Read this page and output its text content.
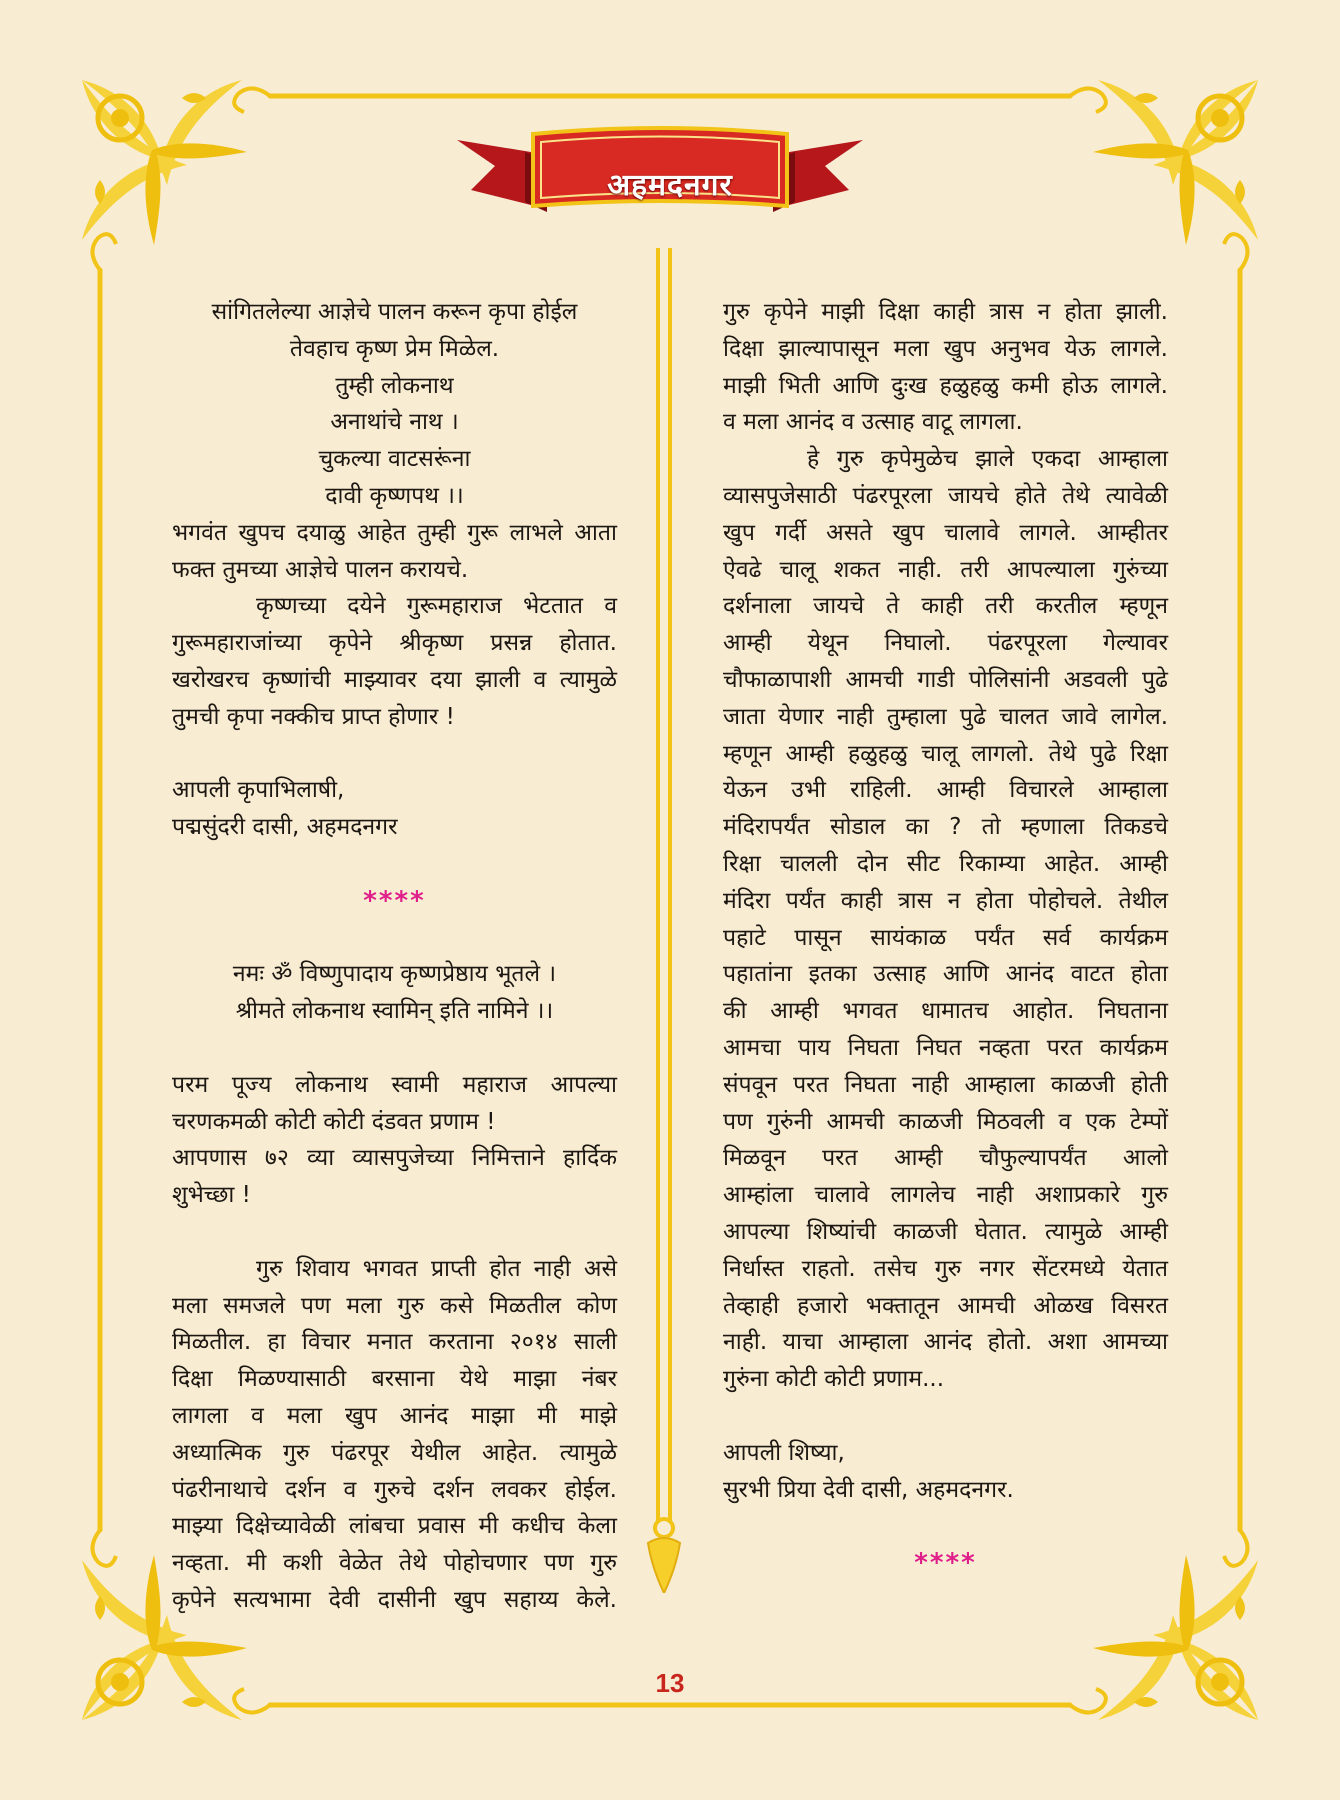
अहमदनगर

सांगितलेल्या आज्ञेचे पालन करून कृपा होईल

तेवहाच कृष्ण प्रेम मिळेल.

तुम्ही लोकनाथ

अनाथांचे नाथ ।

चुकल्या वाटसरूंना

दावी कृष्णपथ ।।

भगवंत खुपच दयाळु आहेत तुम्ही गुरू लाभले आता

फक्त तुमच्या आज्ञेचे पालन करायचे.

कृष्णच्या दयेने गुरूमहाराज भेटतात व

गुरूमहाराजांच्या कृपेने श्रीकृष्ण प्रसन्न होतात.

खरोखरच कृष्णांची माझ्यावर दया झाली व त्यामुळे

तुमची कृपा नक्कीच प्राप्त होणार !

आपली कृपाभिलाषी,

पद्मसुंदरी दासी, अहमदनगर

****

नमः ॐ विष्णुपादाय कृष्णप्रेष्ठाय भूतले ।

श्रीमते लोकनाथ स्वामिन् इति नामिने ।।

परम पूज्य लोकनाथ स्वामी महाराज आपल्या

चरणकमळी कोटी कोटी दंडवत प्रणाम !

आपणास ७२ व्या व्यासपुजेच्या निमित्ताने हार्दिक

शुभेच्छा !

गुरु शिवाय भगवत प्राप्ती होत नाही असे

मला समजले पण मला गुरु कसे मिळतील कोण

मिळतील. हा विचार मनात करताना २०१४ साली

दिक्षा मिळण्यासाठी बरसाना येथे माझा नंबर

लागला व मला खुप आनंद माझा मी माझे

अध्यात्मिक गुरु पंढरपूर येथील आहेत. त्यामुळे

पंढरीनाथाचे दर्शन व गुरुचे दर्शन लवकर होईल.

माझ्या दिक्षेच्यावेळी लांबचा प्रवास मी कधीच केला

नव्हता. मी कशी वेळेत तेथे पोहोचणार पण गुरु

कृपेने सत्यभामा देवी दासीनी खुप सहाय्य केले.

गुरु कृपेने माझी दिक्षा काही त्रास न होता झाली.

दिक्षा झाल्यापासून मला खुप अनुभव येऊ लागले.

माझी भिती आणि दुःख हळुहळु कमी होऊ लागले.

व मला आनंद व उत्साह वाटू लागला.

हे गुरु कृपेमुळेच झाले एकदा आम्हाला

व्यासपुजेसाठी पंढरपूरला जायचे होते तेथे त्यावेळी

खुप गर्दी असते खुप चालावे लागले. आम्हीतर

ऐवढे चालू शकत नाही. तरी आपल्याला गुरुंच्या

दर्शनाला जायचे ते काही तरी करतील म्हणून

आम्ही येथून निघालो. पंढरपूरला गेल्यावर

चौफाळापाशी आमची गाडी पोलिसांनी अडवली पुढे

जाता येणार नाही तुम्हाला पुढे चालत जावे लागेल.

म्हणून आम्ही हळुहळु चालू लागलो. तेथे पुढे रिक्षा

येऊन उभी राहिली. आम्ही विचारले आम्हाला

मंदिरापर्यंत सोडाल का ? तो म्हणाला तिकडचे

रिक्षा चालली दोन सीट रिकाम्या आहेत. आम्ही

मंदिरा पर्यंत काही त्रास न होता पोहोचले. तेथील

पहाटे पासून सायंकाळ पर्यंत सर्व कार्यक्रम

पहातांना इतका उत्साह आणि आनंद वाटत होता

की आम्ही भगवत धामातच आहोत. निघताना

आमचा पाय निघता निघत नव्हता परत कार्यक्रम

संपवून परत निघता नाही आम्हाला काळजी होती

पण गुरुंनी आमची काळजी मिठवली व एक टेम्पों

मिळवून परत आम्ही चौफुल्यापर्यंत आलो

आम्हांला चालावे लागलेच नाही अशाप्रकारे गुरु

आपल्या शिष्यांची काळजी घेतात. त्यामुळे आम्ही

निर्धास्त राहतो. तसेच गुरु नगर सेंटरमध्ये येतात

तेव्हाही हजारो भक्तातून आमची ओळख विसरत

नाही. याचा आम्हाला आनंद होतो. अशा आमच्या

गुरुंना कोटी कोटी प्रणाम...

आपली शिष्या,

सुरभी प्रिया देवी दासी, अहमदनगर.

****

13
